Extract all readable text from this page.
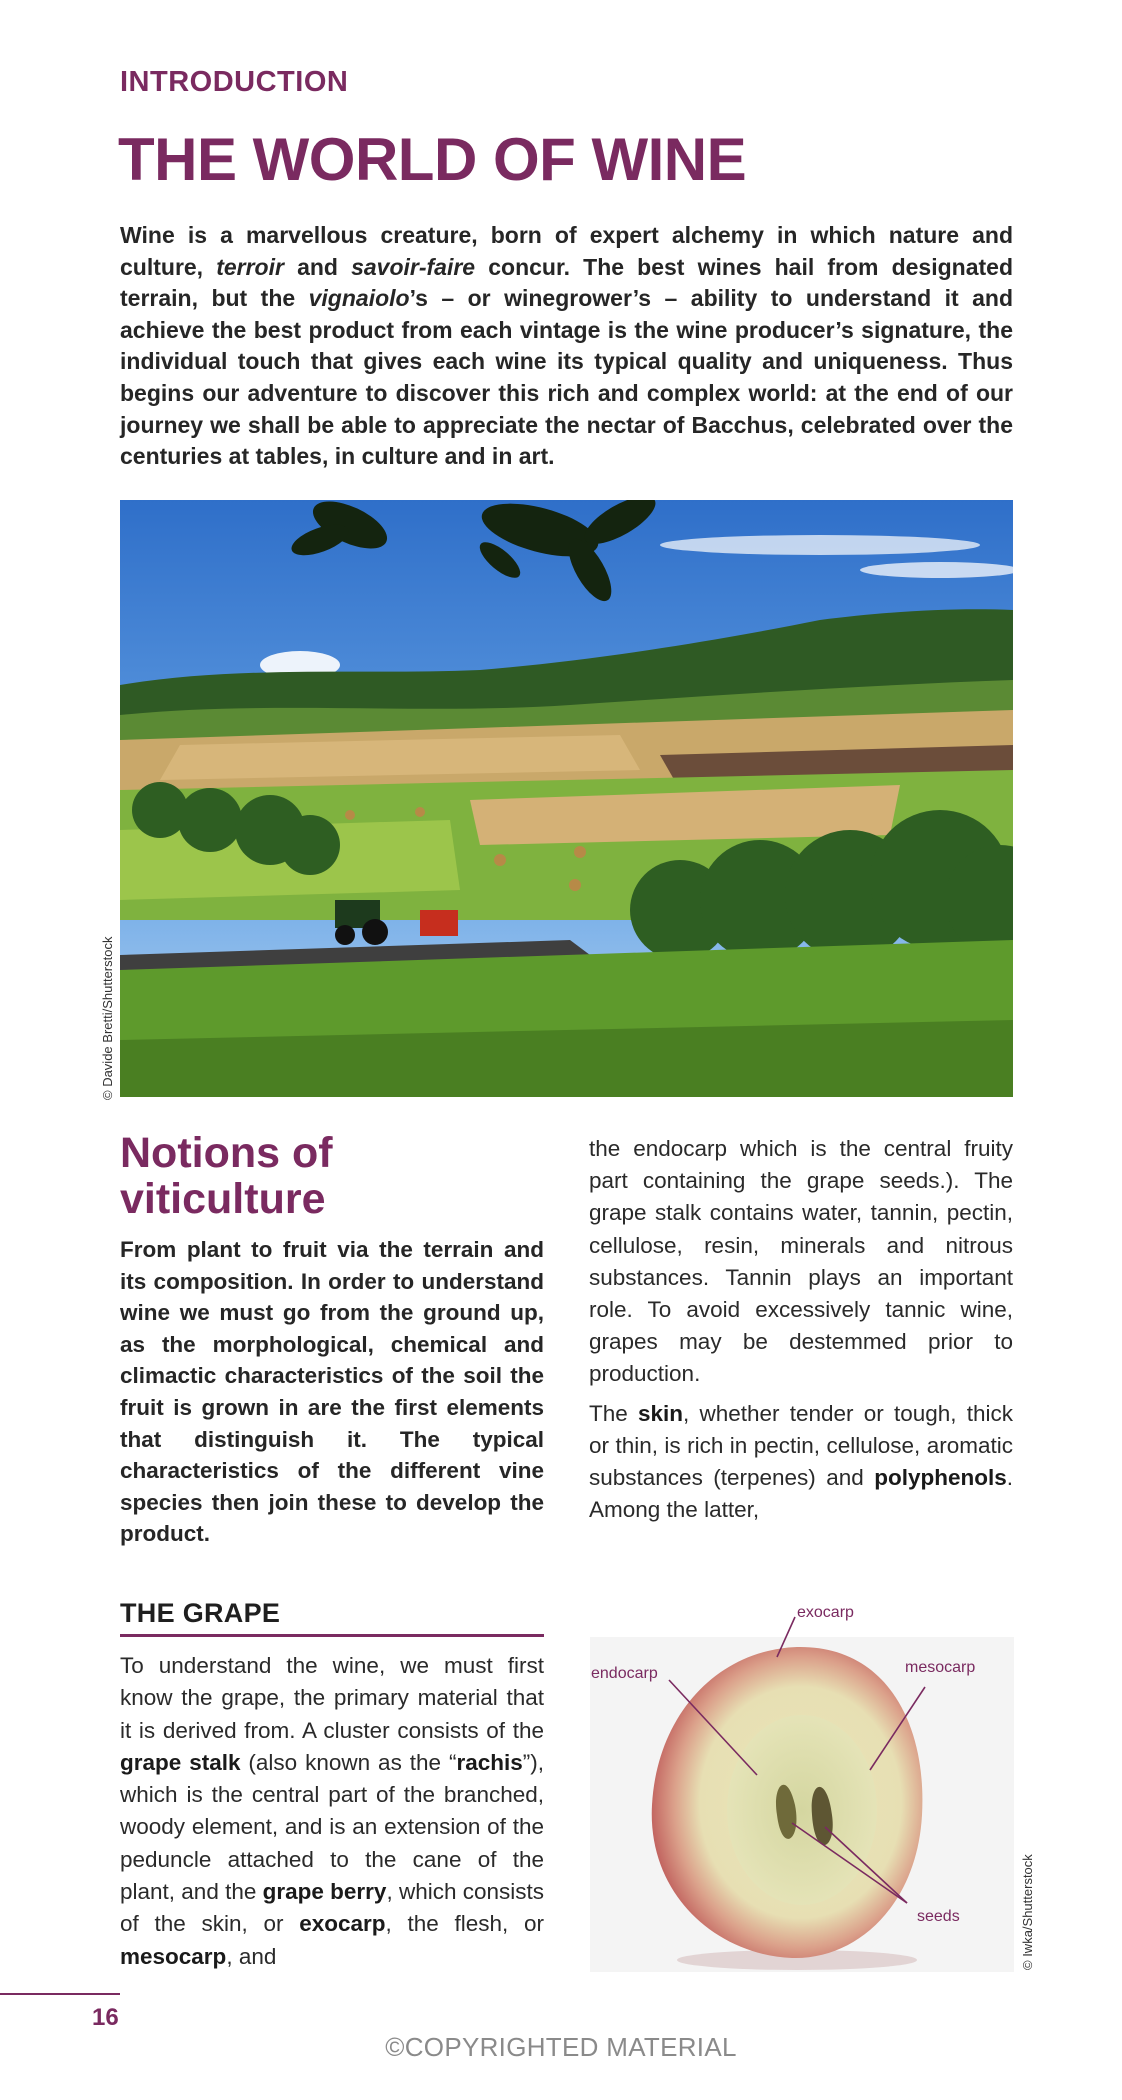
INTRODUCTION
THE WORLD OF WINE

Wine is a marvellous creature, born of expert alchemy in which nature and culture, terroir and savoir-faire concur. The best wines hail from designated terrain, but the vignaiolo’s – or winegrower’s – ability to understand it and achieve the best product from each vintage is the wine producer’s signature, the individual touch that gives each wine its typical quality and uniqueness. Thus begins our adventure to discover this rich and complex world: at the end of our journey we shall be able to appreciate the nectar of Bacchus, celebrated over the centuries at tables, in culture and in art.

© Davide Bretti/Shutterstock
Notions of
viticulture

From plant to fruit via the terrain and its composition. In order to understand wine we must go from the ground up, as the morphological, chemical and climactic characteristics of the soil the fruit is grown in are the first elements that distinguish it. The typical characteristics of the different vine species then join these to develop the product.

the endocarp which is the central fruity part containing the grape seeds.). The grape stalk contains water, tannin, pectin, cellulose, resin, minerals and nitrous substances. Tannin plays an important role. To avoid excessively tannic wine, grapes may be destemmed prior to production.

The skin, whether tender or tough, thick or thin, is rich in pectin, cellulose, aromatic substances (terpenes) and polyphenols. Among the latter,

THE GRAPE

To understand the wine, we must first know the grape, the primary material that it is derived from. A cluster consists of the grape stalk (also known as the “rachis”), which is the central part of the branched, woody element, and is an extension of the peduncle attached to the cane of the plant, and the grape berry, which consists of the skin, or exocarp, the flesh, or mesocarp, and

exocarp
endocarp	mesocarp
seeds	© Iwka/Shutterstock
16
©COPYRIGHTED MATERIAL
